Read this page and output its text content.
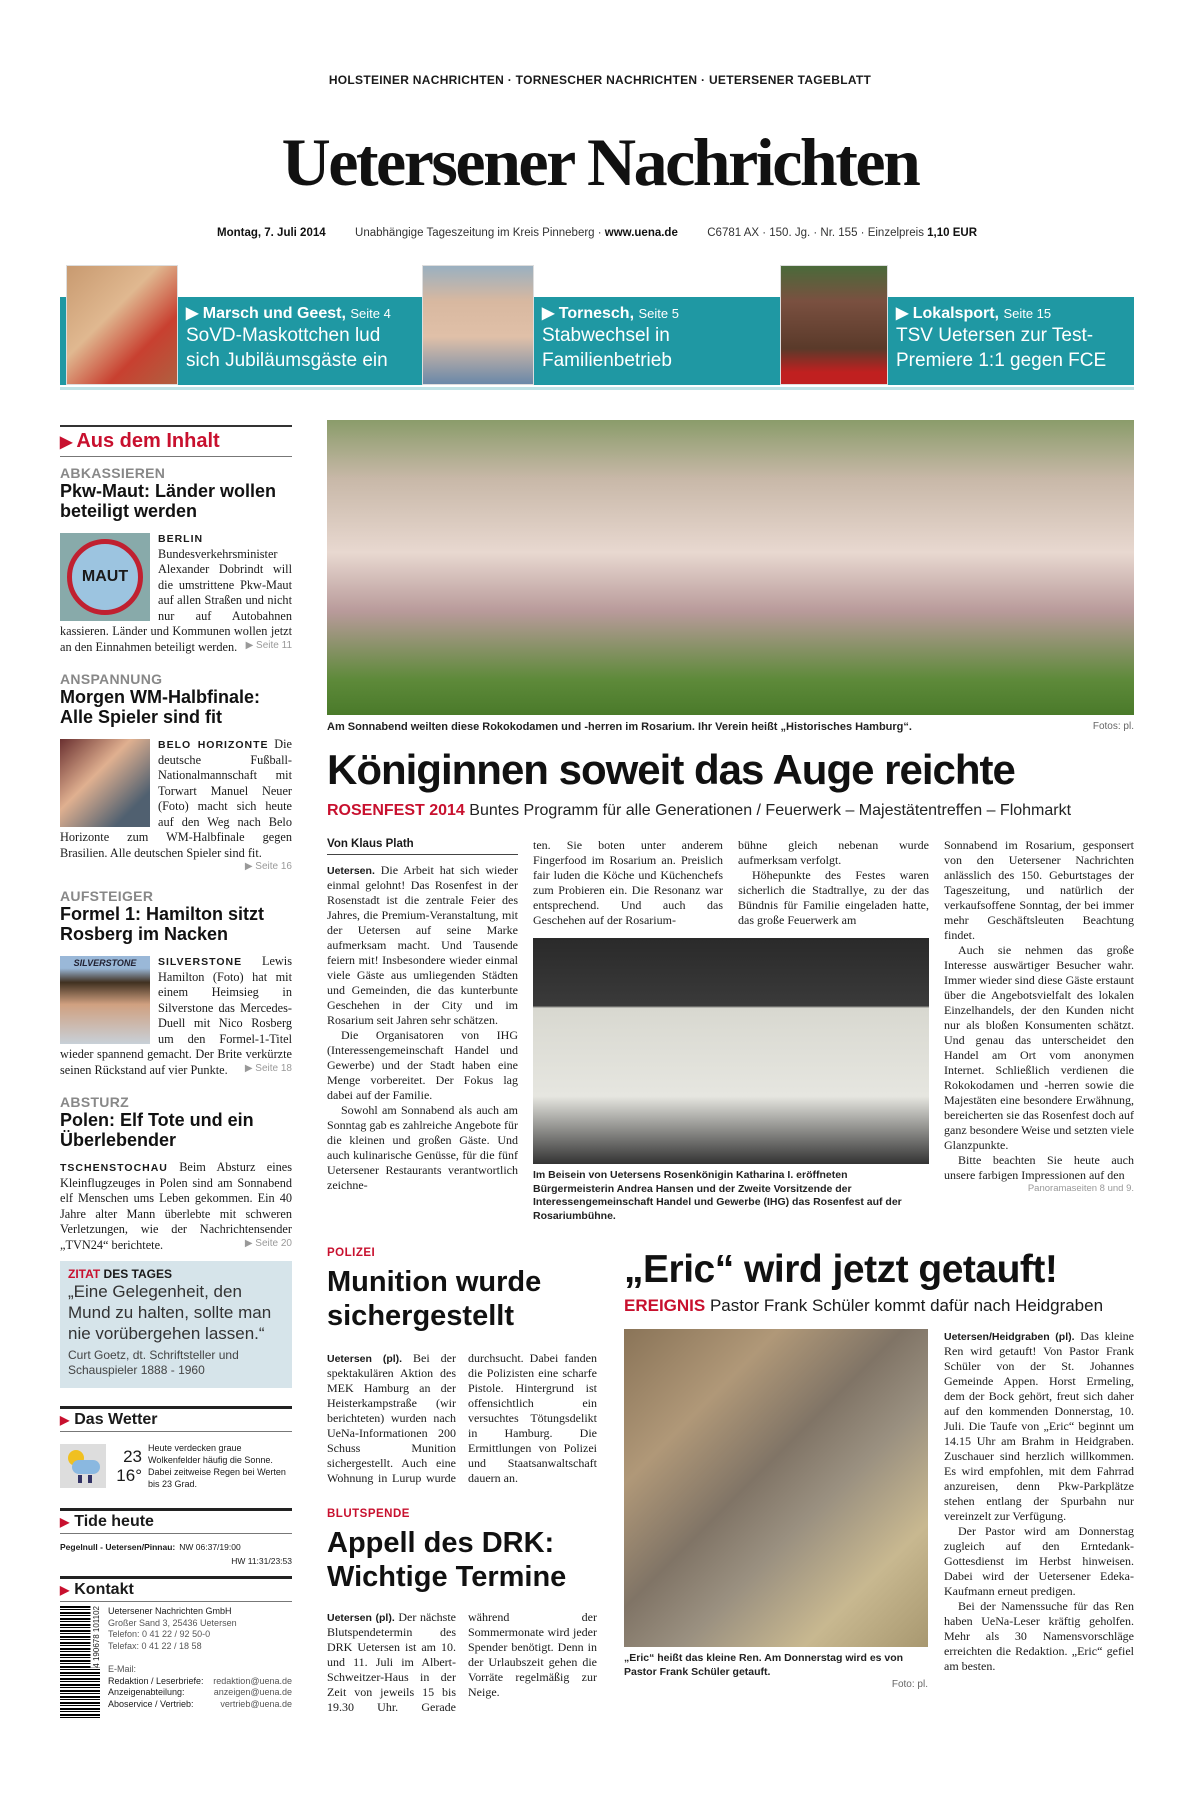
HOLSTEINER NACHRICHTEN · TORNESCHER NACHRICHTEN · UETERSENER TAGEBLATT
Uetersener Nachrichten
Montag, 7. Juli 2014	Unabhängige Tageszeitung im Kreis Pinneberg · www.uena.de	C6781 AX · 150. Jg. · Nr. 155 · Einzelpreis 1,10 EUR
▶ Marsch und Geest, Seite 4
SoVD-Maskottchen lud sich Jubiläumsgäste ein
▶ Tornesch, Seite 5
Stabwechsel in Familienbetrieb
▶ Lokalsport, Seite 15
TSV Uetersen zur Test-Premiere 1:1 gegen FCE
▶ Aus dem Inhalt
ABKASSIEREN
Pkw-Maut: Länder wollen beteiligt werden
MAUT
BERLIN Bundesverkehrsminister Alexander Dobrindt will die umstrittene Pkw-Maut auf allen Straßen und nicht nur auf Autobahnen kassieren. Länder und Kommunen wollen jetzt an den Einnahmen beteiligt werden. ▶ Seite 11
ANSPANNUNG
Morgen WM-Halbfinale: Alle Spieler sind fit
BELO HORIZONTE Die deutsche Fußball-Nationalmannschaft mit Torwart Manuel Neuer (Foto) macht sich heute auf den Weg nach Belo Horizonte zum WM-Halbfinale gegen Brasilien. Alle deutschen Spieler sind fit.
▶ Seite 16
AUFSTEIGER
Formel 1: Hamilton sitzt Rosberg im Nacken
SILVERSTONE	SILVERSTONE Lewis Hamilton (Foto) hat mit einem Heimsieg in Silverstone das Mercedes-Duell mit Nico Rosberg um den Formel-1-Titel wieder spannend gemacht. Der Brite verkürzte seinen Rückstand auf vier Punkte. ▶ Seite 18
ABSTURZ
Polen: Elf Tote und ein Überlebender
TSCHENSTOCHAU Beim Absturz eines Kleinflugzeuges in Polen sind am Sonnabend elf Menschen ums Leben gekommen. Ein 40 Jahre alter Mann überlebte mit schweren Verletzungen, wie der Nachrichtensender „TVN24“ berichtete.	▶ Seite 20
ZITAT DES TAGES
„Eine Gelegenheit, den Mund zu halten, sollte man nie vorübergehen lassen.“
Curt Goetz, dt. Schriftsteller und Schauspieler 1888 - 1960
▶ Das Wetter
23
16°
Heute verdecken graue Wolkenfelder häufig die Sonne. Dabei zeitweise Regen bei Werten bis 23 Grad.
▶ Tide heute
Pegelnull - Uetersen/Pinnau: NW 06:37/19:00
HW 11:31/23:53
▶ Kontakt
4 190678 101102 Uetersener Nachrichten GmbH
Großer Sand 3, 25436 Uetersen
Telefon: 0 41 22 / 92 50-0
Telefax: 0 41 22 / 18 58
E-Mail:
Redaktion / Leserbriefe: redaktion@uena.de
Anzeigenabteilung:	anzeigen@uena.de
Aboservice / Vertrieb:	vertrieb@uena.de
Am Sonnabend weilten diese Rokokodamen und -herren im Rosarium. Ihr Verein heißt „Historisches Hamburg“.	Fotos: pl.
Königinnen soweit das Auge reichte
ROSENFEST 2014 Buntes Programm für alle Generationen / Feuerwerk – Majestätentreffen – Flohmarkt
Von Klaus Plath

Uetersen. Die Arbeit hat sich wieder einmal gelohnt! Das Rosenfest in der Rosenstadt ist die zentrale Feier des Jahres, die Premium-Veranstaltung, mit der Uetersen auf seine Marke aufmerksam macht. Und Tausende feiern mit! Insbesondere wieder einmal viele Gäste aus umliegenden Städten und Gemeinden, die das kunterbunte Geschehen in der City und im Rosarium seit Jahren sehr schätzen.

Die Organisatoren von IHG (Interessengemeinschaft Handel und Gewerbe) und der Stadt haben eine Menge vorbereitet. Der Fokus lag dabei auf der Familie.

Sowohl am Sonnabend als auch am Sonntag gab es zahlreiche Angebote für die kleinen und großen Gäste. Und auch kulinarische Genüsse, für die fünf Uetersener Restaurants verantwortlich zeichne-

ten. Sie boten unter anderem Fingerfood im Rosarium an. Preislich fair luden die Köche und Küchenchefs zum Probieren ein. Die Resonanz war entsprechend. Und auch das Geschehen auf der Rosarium-

bühne gleich nebenan wurde aufmerksam verfolgt.

Höhepunkte des Festes waren sicherlich die Stadtrallye, zu der das Bündnis für Familie eingeladen hatte, das große Feuerwerk am

Im Beisein von Uetersens Rosenkönigin Katharina I. eröffneten Bürgermeisterin Andrea Hansen und der Zweite Vorsitzende der Interessengemeinschaft Handel und Gewerbe (IHG) das Rosenfest auf der Rosariumbühne.

Sonnabend im Rosarium, gesponsert von den Uetersener Nachrichten anlässlich des 150. Geburtstages der Tageszeitung, und natürlich der verkaufsoffene Sonntag, der bei immer mehr Geschäftsleuten Beachtung findet.

Auch sie nehmen das große Interesse auswärtiger Besucher wahr. Immer wieder sind diese Gäste erstaunt über die Angebotsvielfalt des lokalen Einzelhandels, der den Kunden nicht nur als bloßen Konsumenten schätzt. Und genau das unterscheidet den Handel am Ort vom anonymen Internet. Schließlich verdienen die Rokokodamen und -herren sowie die Majestäten eine besondere Erwähnung, bereicherten sie das Rosenfest doch auf ganz besondere Weise und setzten viele Glanzpunkte.

Bitte beachten Sie heute auch unsere farbigen Impressionen auf den
Panoramaseiten 8 und 9.

POLIZEI
Munition wurde sichergestellt
Uetersen (pl). Bei der spektakulären Aktion des MEK Hamburg an der Heisterkampstraße (wir berichteten) wurden nach UeNa-Informationen 200 Schuss Munition sichergestellt. Auch eine Wohnung in Lurup wurde durchsucht. Dabei fanden die Polizisten eine scharfe Pistole. Hintergrund ist offensichtlich ein versuchtes Tötungsdelikt in Hamburg. Die Ermittlungen von Polizei und Staatsanwaltschaft dauern an.
BLUTSPENDE
Appell des DRK: Wichtige Termine
Uetersen (pl). Der nächste Blutspendetermin des DRK Uetersen ist am 10. und 11. Juli im Albert-Schweitzer-Haus in der Zeit von jeweils 15 bis 19.30 Uhr. Gerade während der Sommermonate wird jeder Spender benötigt. Denn in der Urlaubszeit gehen die Vorräte regelmäßig zur Neige.
„Eric“ wird jetzt getauft!
EREIGNIS Pastor Frank Schüler kommt dafür nach Heidgraben
„Eric“ heißt das kleine Ren. Am Donnerstag wird es von Pastor Frank Schüler getauft.
Foto: pl.

Uetersen/Heidgraben (pl). Das kleine Ren wird getauft! Von Pastor Frank Schüler von der St. Johannes Gemeinde Appen. Horst Ermeling, dem der Bock gehört, freut sich daher auf den kommenden Donnerstag, 10. Juli. Die Taufe von „Eric“ beginnt um 14.15 Uhr am Brahm in Heidgraben. Zuschauer sind herzlich willkommen. Es wird empfohlen, mit dem Fahrrad anzureisen, denn Pkw-Parkplätze stehen entlang der Spurbahn nur vereinzelt zur Verfügung.

Der Pastor wird am Donnerstag zugleich auf den Erntedank-Gottesdienst im Herbst hinweisen. Dabei wird der Uetersener Edeka-Kaufmann erneut predigen.

Bei der Namenssuche für das Ren haben UeNa-Leser kräftig geholfen. Mehr als 30 Namensvorschläge erreichten die Redaktion. „Eric“ gefiel am besten.
